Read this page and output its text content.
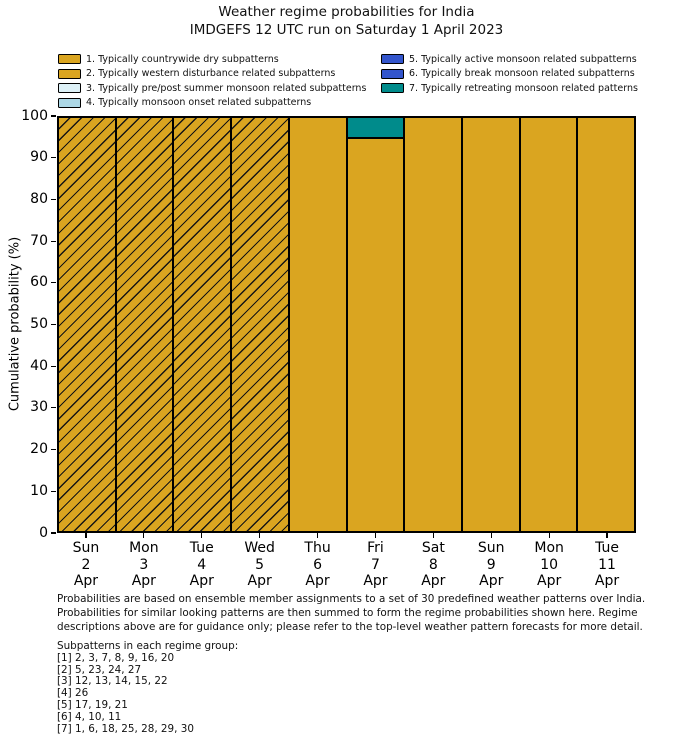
Weather regime probabilities for India
IMDGEFS 12 UTC run on Saturday 1 April 2023
1. Typically countrywide dry subpatterns
2. Typically western disturbance related subpatterns
3. Typically pre/post summer monsoon related subpatterns
4. Typically monsoon onset related subpatterns
5. Typically active monsoon related subpatterns
6. Typically break monsoon related subpatterns
7. Typically retreating monsoon related patterns
Cumulative probability (%)
0
10
20
30
40
50
60
70
80
90
100
Sun
2
Apr
Mon
3
Apr
Tue
4
Apr
Wed
5
Apr
Thu
6
Apr
Fri
7
Apr
Sat
8
Apr
Sun
9
Apr
Mon
10
Apr
Tue
11
Apr
Probabilities are based on ensemble member assignments to a set of 30 predefined weather patterns over India.
Probabilities for similar looking patterns are then summed to form the regime probabilities shown here. Regime
descriptions above are for guidance only; please refer to the top-level weather pattern forecasts for more detail.
Subpatterns in each regime group:
[1] 2, 3, 7, 8, 9, 16, 20
[2] 5, 23, 24, 27
[3] 12, 13, 14, 15, 22
[4] 26
[5] 17, 19, 21
[6] 4, 10, 11
[7] 1, 6, 18, 25, 28, 29, 30
